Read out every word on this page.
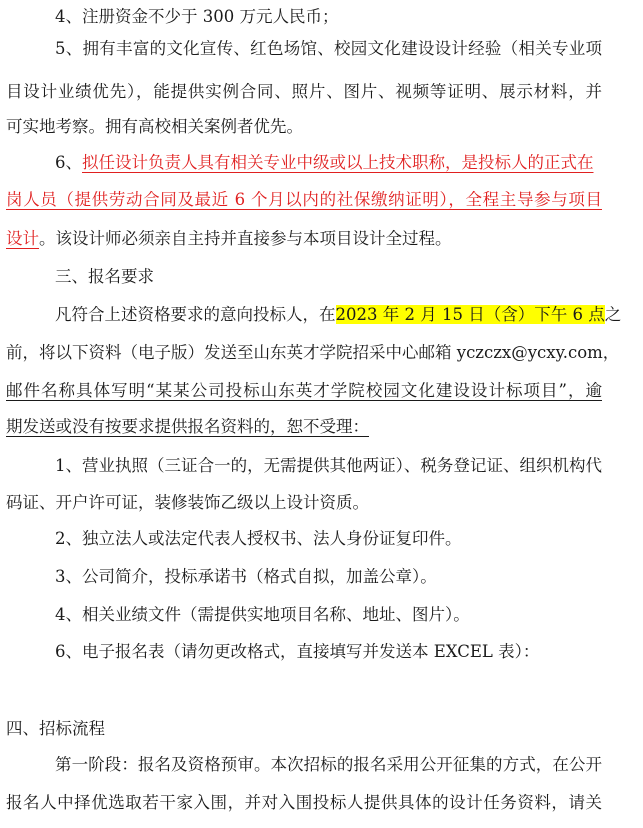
4、注册资金不少于 300 万元人民币；
5、拥有丰富的文化宣传、红色场馆、校园文化建设设计经验（相关专业项
目设计业绩优先），能提供实例合同、照片、图片、视频等证明、展示材料，并
可实地考察。拥有高校相关案例者优先。
6、拟任设计负责人具有相关专业中级或以上技术职称，是投标人的正式在
岗人员（提供劳动合同及最近 6 个月以内的社保缴纳证明），全程主导参与项目
设计。该设计师必须亲自主持并直接参与本项目设计全过程。
三、报名要求
凡符合上述资格要求的意向投标人，在2023 年 2 月 15 日（含）下午 6 点之
前，将以下资料（电子版）发送至山东英才学院招采中心邮箱 yczczx@ycxy.com，
邮件名称具体写明“某某公司投标山东英才学院校园文化建设设计标项目”，逾
期发送或没有按要求提供报名资料的，恕不受理：
1、营业执照（三证合一的，无需提供其他两证）、税务登记证、组织机构代
码证、开户许可证，装修装饰乙级以上设计资质。
2、独立法人或法定代表人授权书、法人身份证复印件。
3、公司简介，投标承诺书（格式自拟，加盖公章）。
4、相关业绩文件（需提供实地项目名称、地址、图片）。
6、电子报名表（请勿更改格式，直接填写并发送本 EXCEL 表）：
四、招标流程
第一阶段：报名及资格预审。本次招标的报名采用公开征集的方式，在公开
报名人中择优选取若干家入围，并对入围投标人提供具体的设计任务资料，请关
